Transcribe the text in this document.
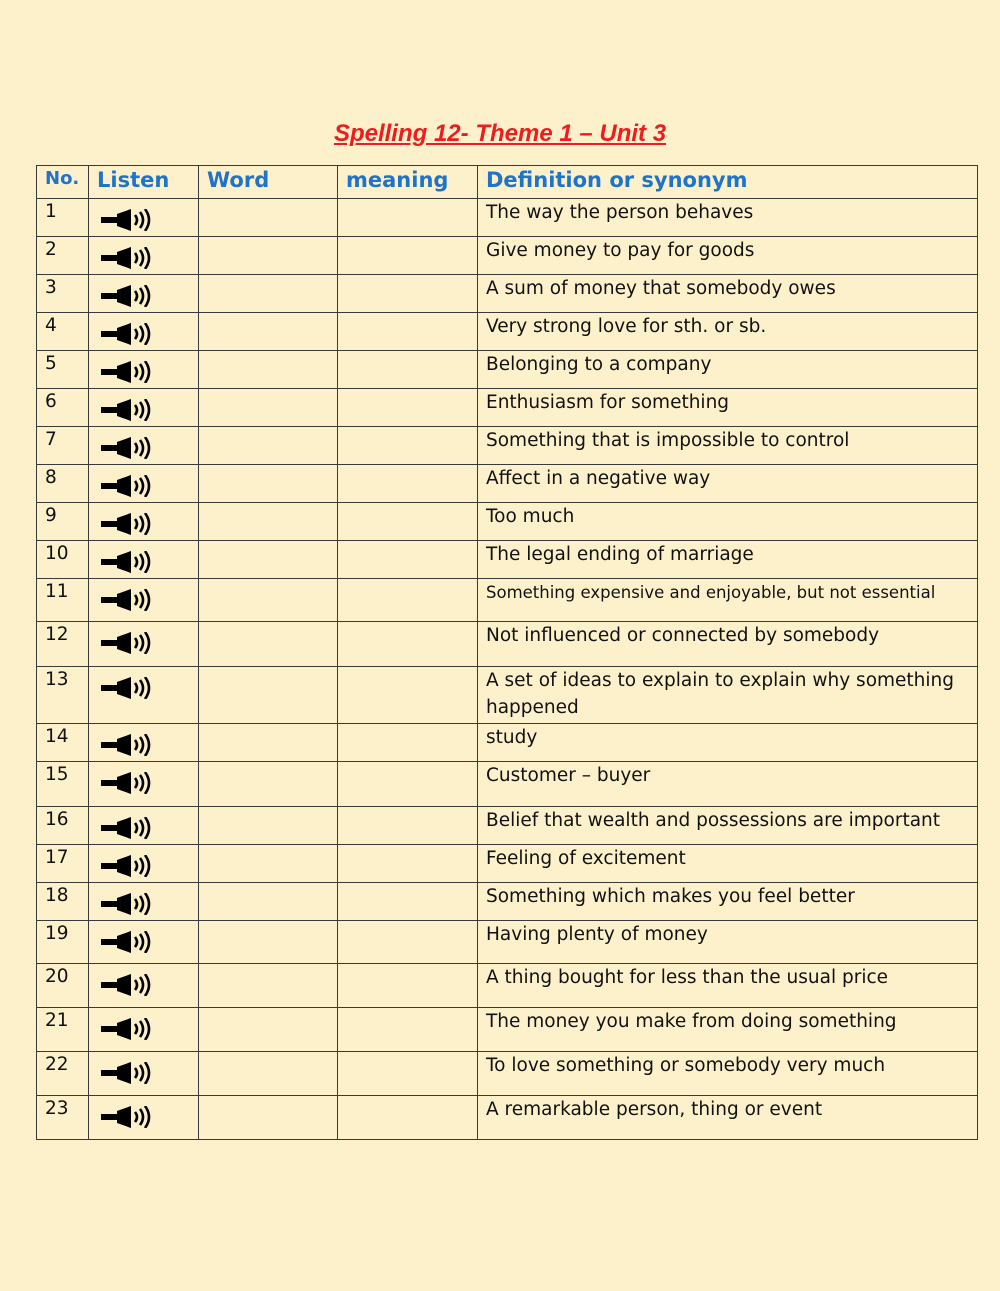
Spelling 12- Theme 1 – Unit 3
No.	Listen	Word	meaning	Definition or synonym
1				The way the person behaves
2				Give money to pay for goods
3				A sum of money that somebody owes
4				Very strong love for sth. or sb.
5				Belonging to a company
6				Enthusiasm for something
7				Something that is impossible to control
8				Affect in a negative way
9				Too much
10				The legal ending of marriage
11				Something expensive and enjoyable, but not essential
12				Not influenced or connected by somebody
13				A set of ideas to explain to explain why something happened
14				study
15				Customer – buyer
16				Belief that wealth and possessions are important
17				Feeling of excitement
18				Something which makes you feel better
19				Having plenty of money
20				A thing bought for less than the usual price
21				The money you make from doing something
22				To love something or somebody very much
23				A remarkable person, thing or event
